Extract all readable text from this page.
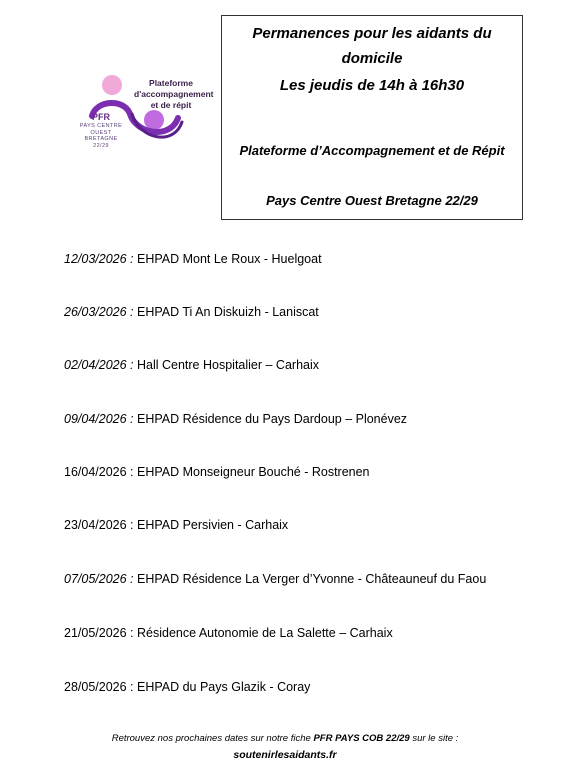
Plateforme d'accompagnement et de répit
PFR
PAYS CENTRE
OUEST
BRETAGNE
22/29
Permanences pour les aidants du domicile
Les jeudis de 14h à 16h30
Plateforme d’Accompagnement et de Répit
Pays Centre Ouest Bretagne 22/29
12/03/2026 : EHPAD Mont Le Roux - Huelgoat
26/03/2026 : EHPAD Ti An Diskuizh - Laniscat
02/04/2026 : Hall Centre Hospitalier – Carhaix
09/04/2026 : EHPAD Résidence du Pays Dardoup – Plonévez
16/04/2026 : EHPAD Monseigneur Bouché - Rostrenen
23/04/2026 : EHPAD Persivien - Carhaix
07/05/2026 : EHPAD Résidence La Verger d’Yvonne - Châteauneuf du Faou
21/05/2026 : Résidence Autonomie de La Salette – Carhaix
28/05/2026 : EHPAD du Pays Glazik - Coray
Retrouvez nos prochaines dates sur notre fiche PFR PAYS COB 22/29 sur le site :
soutenirlesaidants.fr
